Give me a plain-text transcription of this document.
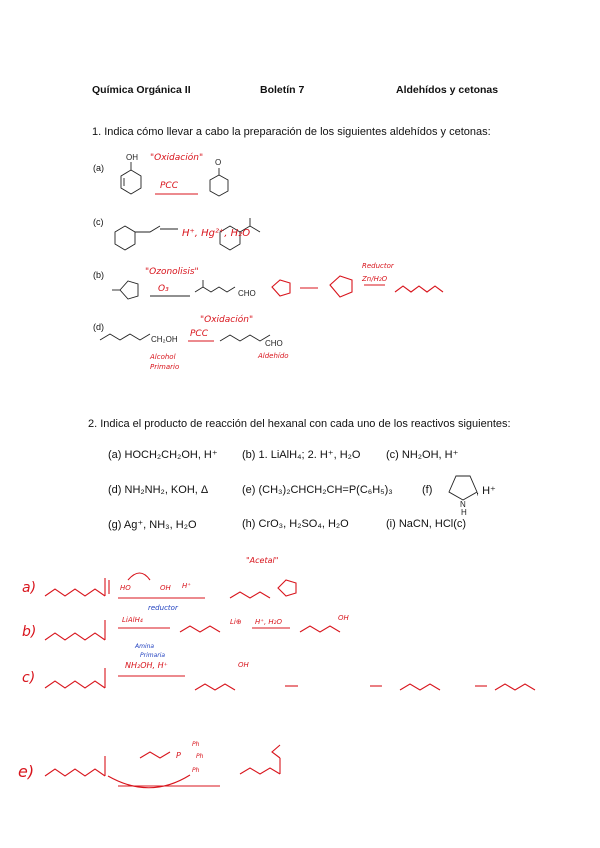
Química Orgánica II	Boletín 7	Aldehídos y cetonas
1. Indica cómo llevar a cabo la preparación de los siguientes aldehídos y cetonas:
(a)
(c)
(b)
(d)
2. Indica el producto de reacción del hexanal con cada uno de los reactivos siguientes:
(a) HOCH₂CH₂OH, H⁺ (b) 1. LiAlH₄; 2. H⁺, H₂O (c) NH₂OH, H⁺
(d) NH₂NH₂, KOH, Δ	(e) (CH₃)₂CHCH₂CH=P(C₆H₅)₃	(f)	, H⁺
(g) Ag⁺, NH₃, H₂O	(h) CrO₃, H₂SO₄, H₂O	(i) NaCN, HCl(c)
OH
O
"Oxidación"
PCC
H⁺, Hg²⁺, H₂O
"Ozonolisis"
O₃	CHO
Reductor
Zn/H₂O
CH₂OH
Alcohol
Primario
"Oxidación"
PCC
CHO
Aldehído
N
H
a)	HO	OH H⁺
"Acetal"
b)
LiAlH₄
reductor
Li⊕ H⁺, H₂O	OH
c)
Amina
Primaria
NH₂OH, H⁺	OH
e)
P
Ph
Ph
Ph
